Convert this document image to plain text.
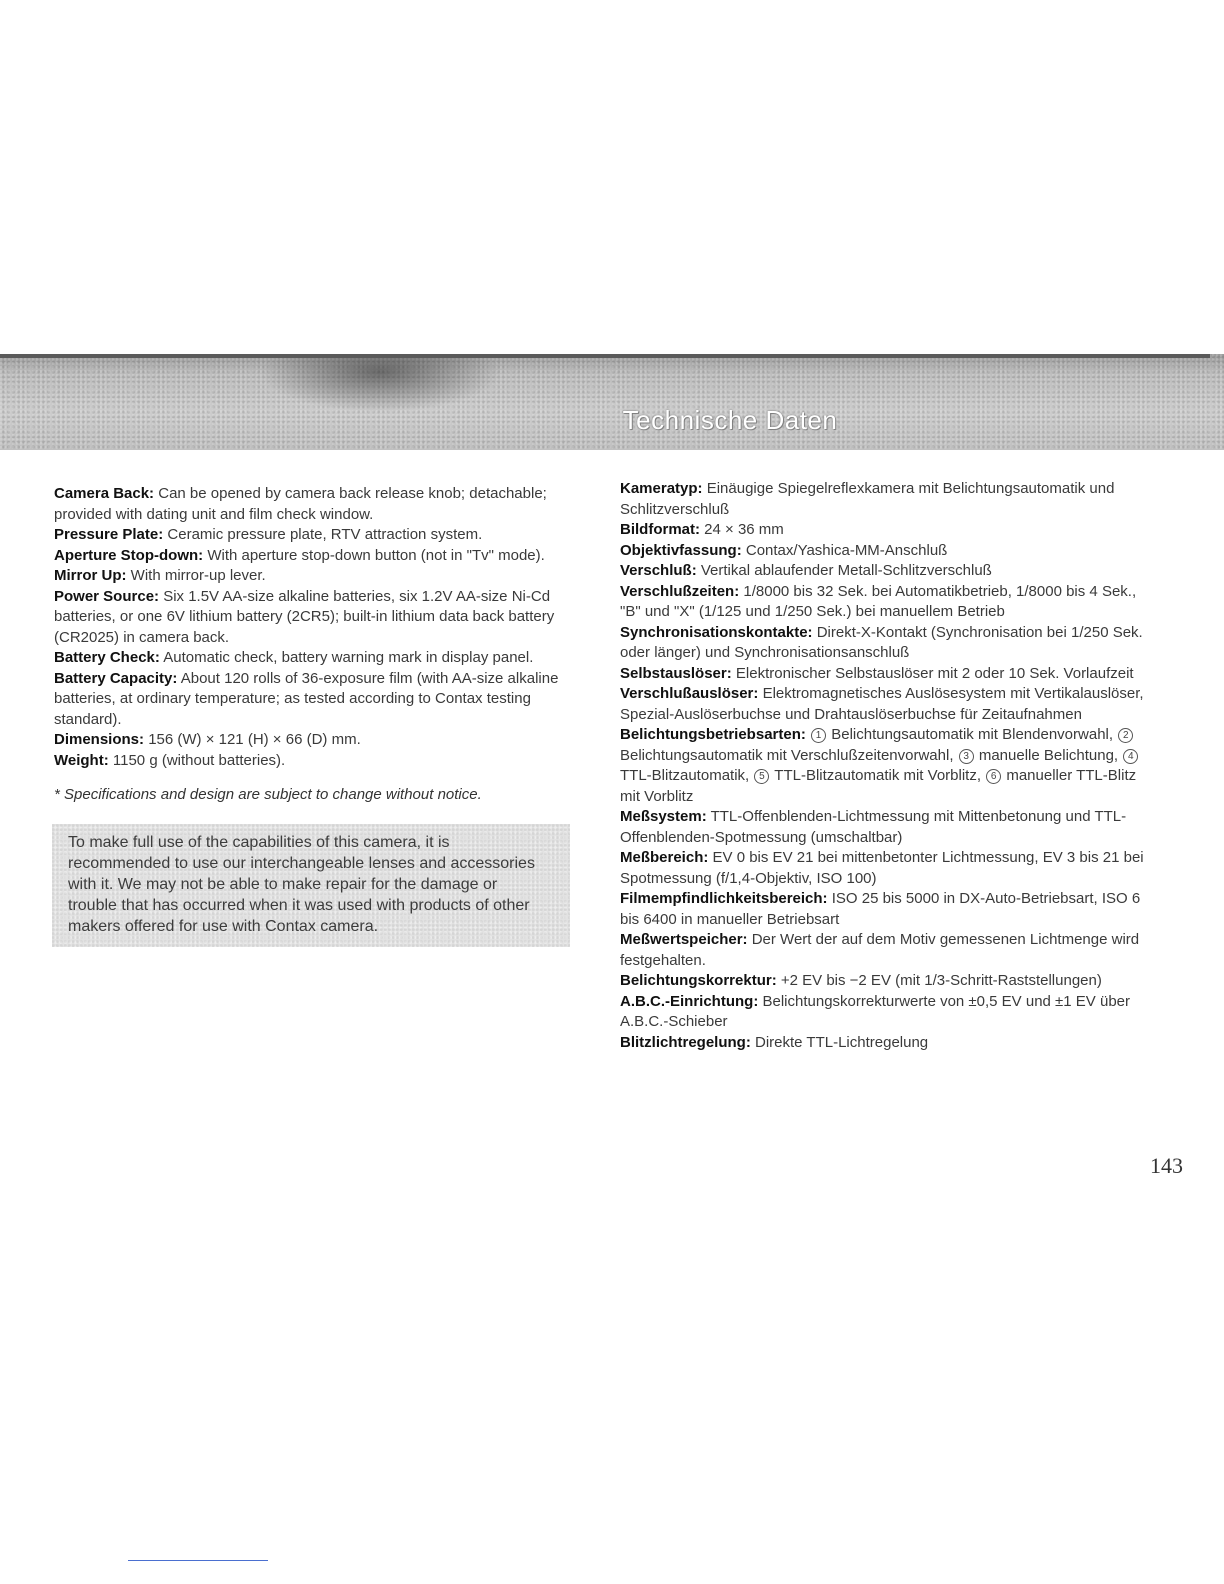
Technische Daten

Camera Back: Can be opened by camera back release knob; detachable; provided with dating unit and film check window.

Pressure Plate: Ceramic pressure plate, RTV attraction system.

Aperture Stop-down: With aperture stop-down button (not in "Tv" mode).

Mirror Up: With mirror-up lever.

Power Source: Six 1.5V AA-size alkaline batteries, six 1.2V AA-size Ni-Cd batteries, or one 6V lithium battery (2CR5); built-in lithium data back battery (CR2025) in camera back.

Battery Check: Automatic check, battery warning mark in display panel.

Battery Capacity: About 120 rolls of 36-exposure film (with AA-size alkaline batteries, at ordinary temperature; as tested according to Contax testing standard).

Dimensions: 156 (W) × 121 (H) × 66 (D) mm.

Weight: 1150 g (without batteries).

* Specifications and design are subject to change without notice.
To make full use of the capabilities of this camera, it is recommended to use our interchangeable lenses and accessories with it. We may not be able to make repair for the damage or trouble that has occurred when it was used with products of other makers offered for use with Contax camera.

Kameratyp: Einäugige Spiegelreflexkamera mit Belichtungsautomatik und Schlitzverschluß

Bildformat: 24 × 36 mm

Objektivfassung: Contax/Yashica-MM-Anschluß

Verschluß: Vertikal ablaufender Metall-Schlitzverschluß

Verschlußzeiten: 1/8000 bis 32 Sek. bei Automatikbetrieb, 1/8000 bis 4 Sek., "B" und "X" (1/125 und 1/250 Sek.) bei manuellem Betrieb

Synchronisationskontakte: Direkt-X-Kontakt (Synchronisation bei 1/250 Sek. oder länger) und Synchronisationsanschluß

Selbstauslöser: Elektronischer Selbstauslöser mit 2 oder 10 Sek. Vorlaufzeit

Verschlußauslöser: Elektromagnetisches Auslösesystem mit Vertikalauslöser, Spezial-Auslöserbuchse und Drahtauslöserbuchse für Zeitaufnahmen

Belichtungsbetriebsarten: 1 Belichtungsautomatik mit Blendenvorwahl, 2 Belichtungsautomatik mit Verschlußzeitenvorwahl, 3 manuelle Belichtung, 4 TTL-Blitzautomatik, 5 TTL-Blitzautomatik mit Vorblitz, 6 manueller TTL-Blitz mit Vorblitz

Meßsystem: TTL-Offenblenden-Lichtmessung mit Mittenbetonung und TTL-Offenblenden-Spotmessung (umschaltbar)

Meßbereich: EV 0 bis EV 21 bei mittenbetonter Lichtmessung, EV 3 bis 21 bei Spotmessung (f/1,4-Objektiv, ISO 100)

Filmempfindlichkeitsbereich: ISO 25 bis 5000 in DX-Auto-Betriebsart, ISO 6 bis 6400 in manueller Betriebsart

Meßwertspeicher: Der Wert der auf dem Motiv gemessenen Lichtmenge wird festgehalten.

Belichtungskorrektur: +2 EV bis −2 EV (mit 1/3-Schritt-Raststellungen)

A.B.C.-Einrichtung: Belichtungskorrekturwerte von ±0,5 EV und ±1 EV über A.B.C.-Schieber

Blitzlichtregelung: Direkte TTL-Lichtregelung

143
